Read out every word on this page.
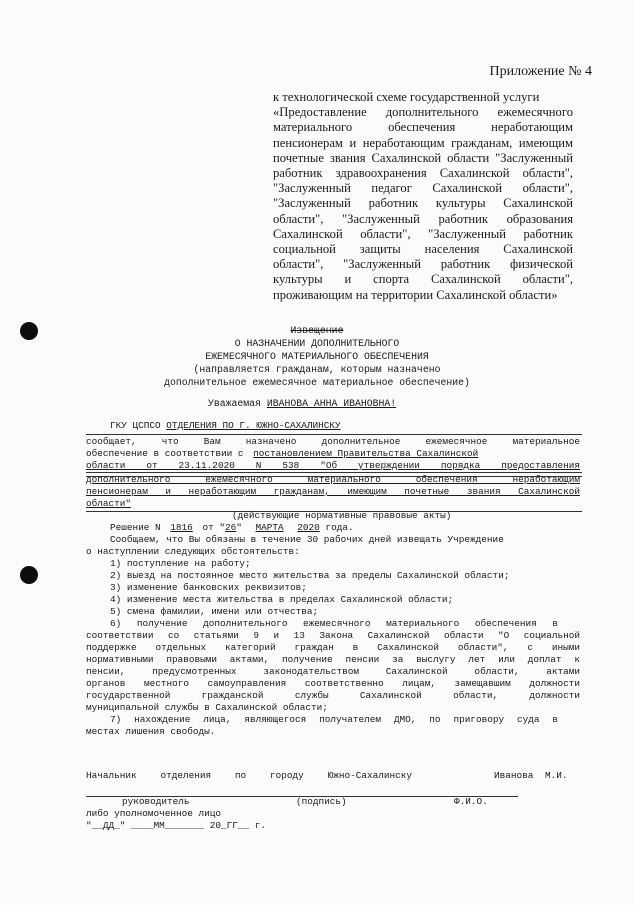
Приложение № 4

к технологической схеме государственной услуги

«Предоставление дополнительного ежемесячного

материального обеспечения неработающим

пенсионерам и неработающим гражданам, имеющим

почетные звания Сахалинской области "Заслуженный

работник здравоохранения Сахалинской области",

"Заслуженный педагог Сахалинской области",

"Заслуженный работник культуры Сахалинской

области", "Заслуженный работник образования

Сахалинской области", "Заслуженный работник

социальной защиты населения Сахалинской

области", "Заслуженный работник физической

культуры и спорта Сахалинской области",

проживающим на территории Сахалинской области»

Извещение
О НАЗНАЧЕНИИ ДОПОЛНИТЕЛЬНОГО
ЕЖЕМЕСЯЧНОГО МАТЕРИАЛЬНОГО ОБЕСПЕЧЕНИЯ
(направляется гражданам, которым назначено
дополнительное ежемесячное материальное обеспечение)
Уважаемая ИВАНОВА АННА ИВАНОВНА!
ГКУ ЦСПСО ОТДЕЛЕНИЯ ПО Г. ЮЖНО-САХАЛИНСКУ
сообщает, что Вам назначено дополнительное ежемесячное материальное
обеспечение в соответствии с постановлением Правительства Сахалинской
области от 23.11.2020 N 538 "Об утверждении порядка предоставления
дополнительного ежемесячного материального обеспечения неработающим
пенсионерам и неработающим гражданам, имеющим почетные звания Сахалинской
области"
(действующие нормативные правовые акты)
Решение N 1816 от "26" МАРТА 2020 года.
Сообщаем, что Вы обязаны в течение 30 рабочих дней извещать Учреждение
о наступлении следующих обстоятельств:
1) поступление на работу;
2) выезд на постоянное место жительства за пределы Сахалинской области;
3) изменение банковских реквизитов;
4) изменение места жительства в пределах Сахалинской области;
5) смена фамилии, имени или отчества;
6) получение дополнительного ежемесячного материального обеспечения в
соответствии со статьями 9 и 13 Закона Сахалинской области "О социальной
поддержке отдельных категорий граждан в Сахалинской области", с иными
нормативными правовыми актами, получение пенсии за выслугу лет или доплат к
пенсии, предусмотренных законодательством Сахалинской области, актами
органов местного самоуправления соответственно лицам, замещавшим должности
государственной гражданской службы Сахалинской области, должности
муниципальной службы в Сахалинской области;
7) нахождение лица, являющегося получателем ДМО, по приговору суда в
местах лишения свободы.
Начальник отделения по городу Южно-Сахалинску	Иванова М.И.
руководитель	(подпись)	Ф.И.О.
либо уполномоченное лицо
"__ДД_" ____ММ_______ 20_ГГ__ г.
